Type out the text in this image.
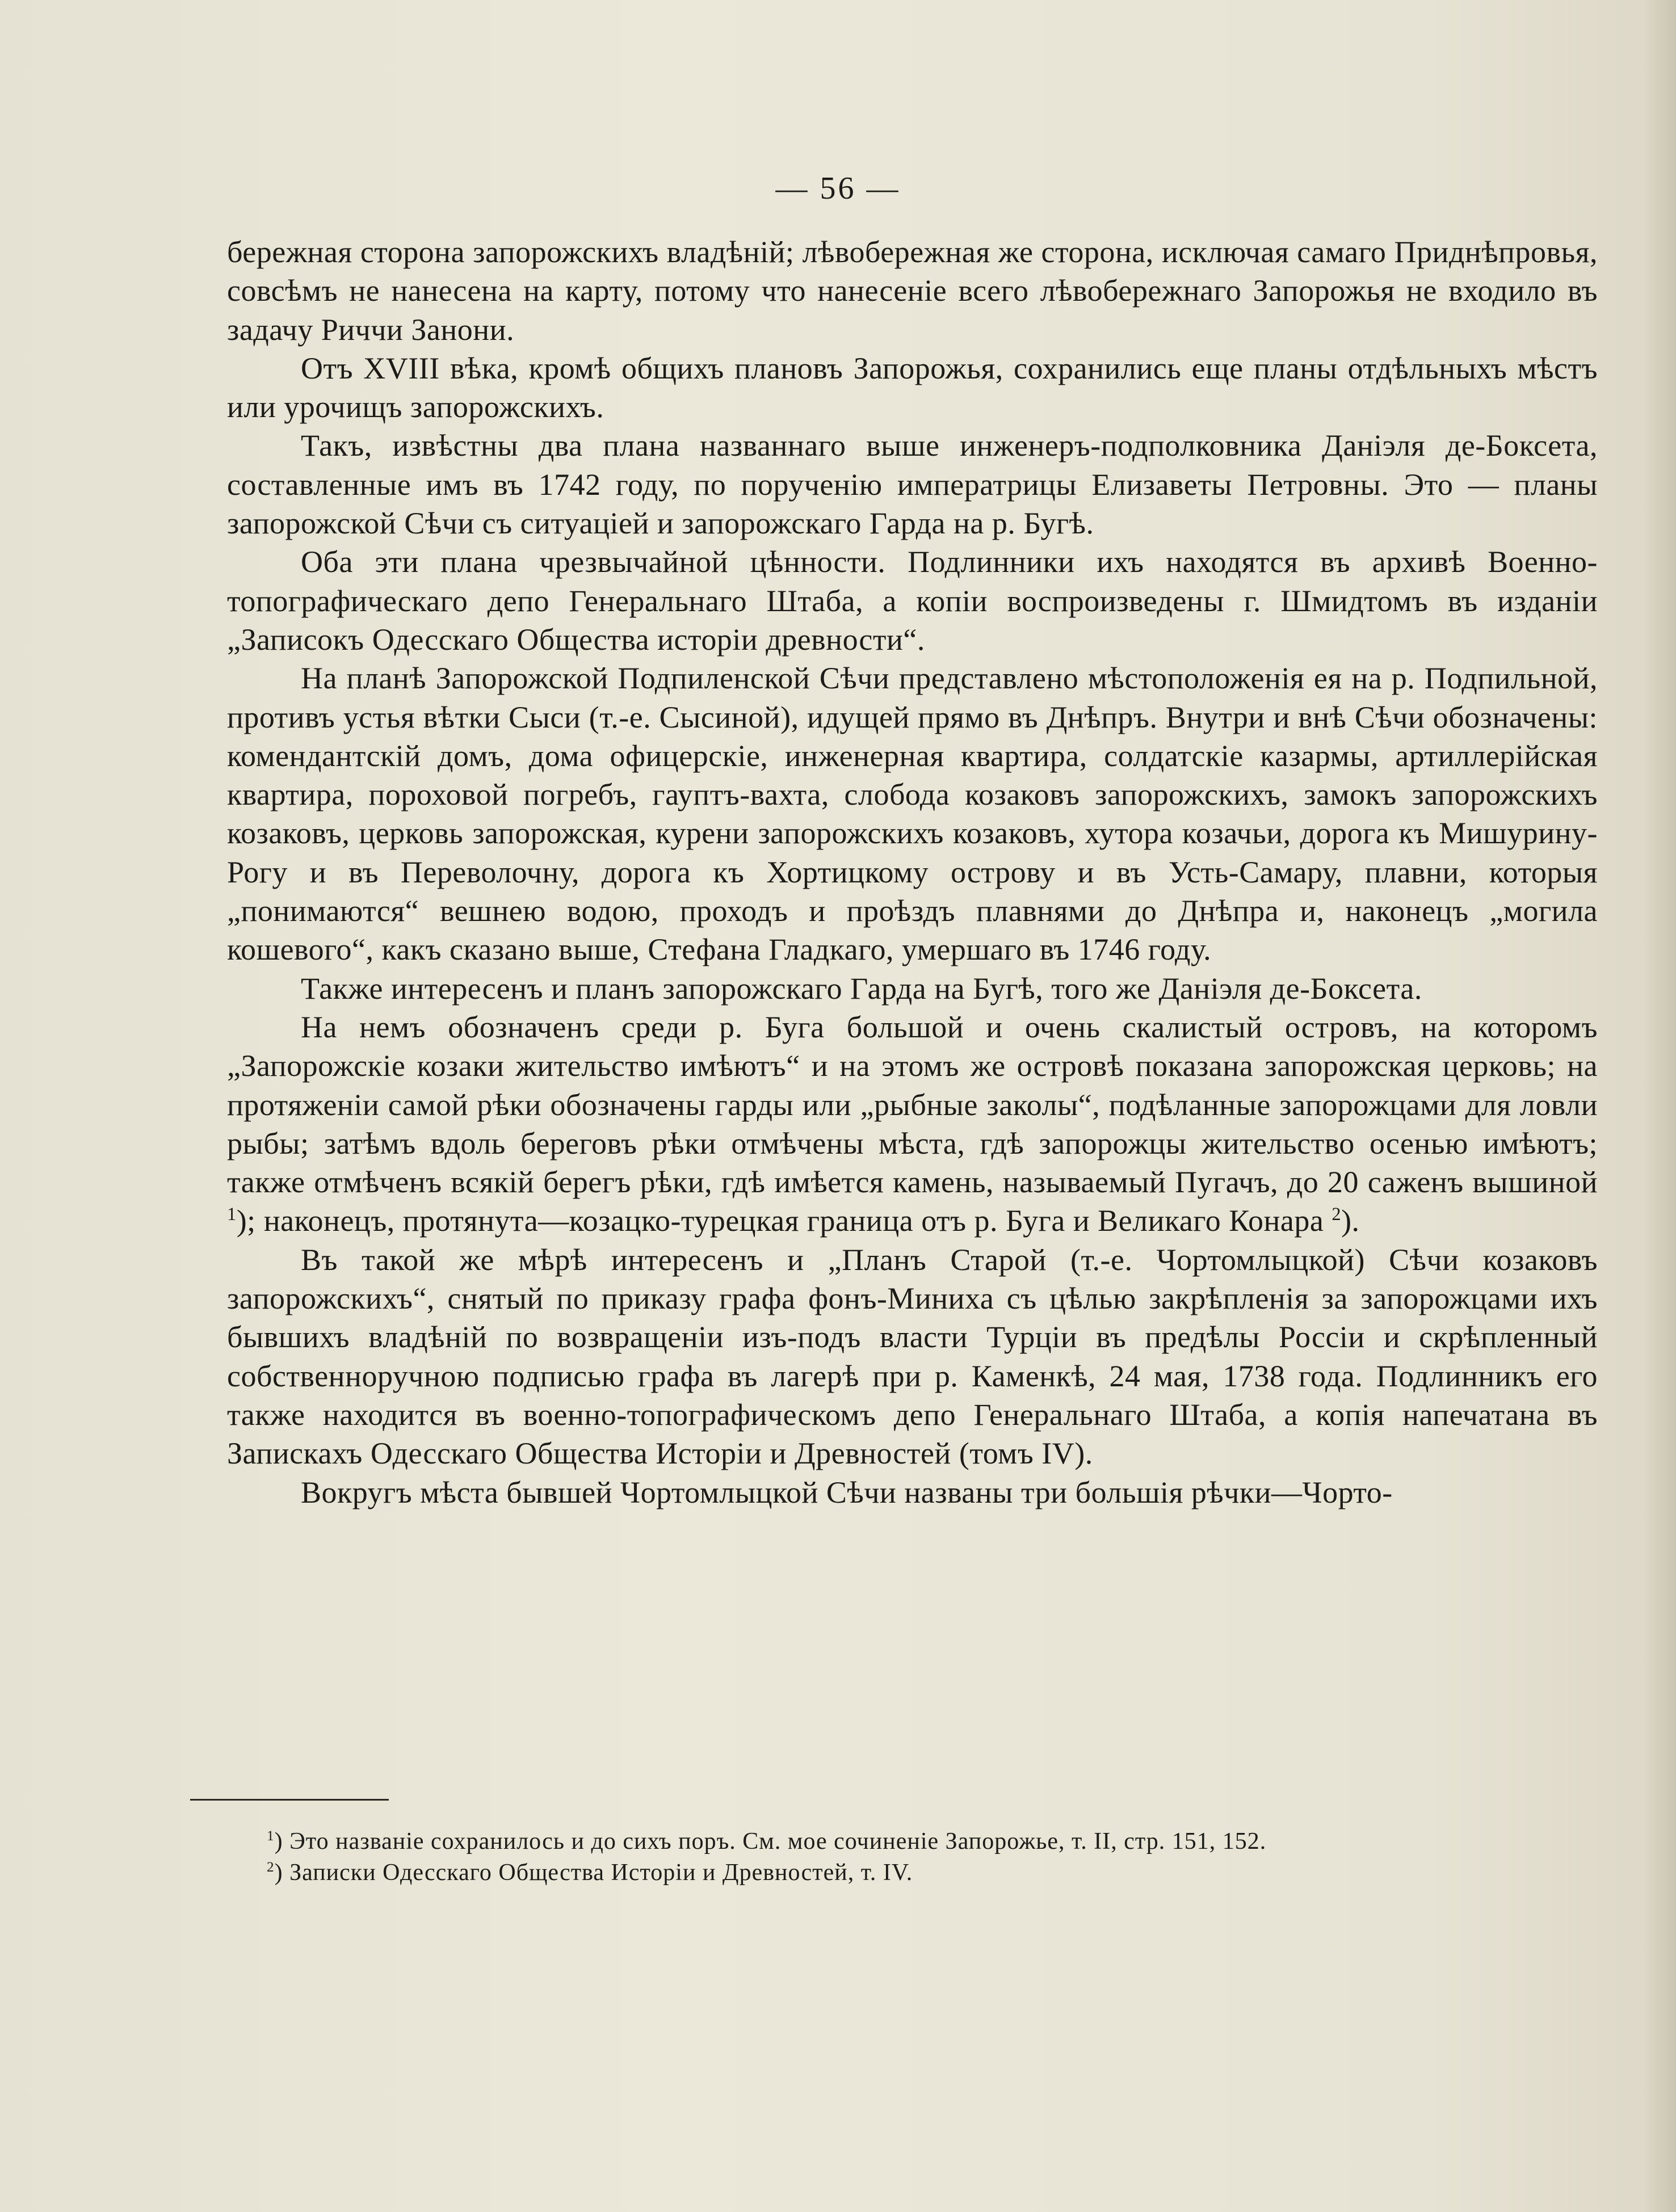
— 56 —

бережная сторона запорожскихъ владѣнiй; лѣвобережная же сторона, исключая самаго Приднѣпровья, совсѣмъ не нанесена на карту, потому что нанесенiе всего лѣвобережнаго Запорожья не входило въ задачу Риччи Занони.

Отъ XVIII вѣка, кромѣ общихъ плановъ Запорожья, сохранились еще планы отдѣльныхъ мѣстъ или урочищъ запорожскихъ.

Такъ, извѣстны два плана названнаго выше инженеръ-подполковника Данiэля де-Боксета, составленные имъ въ 1742 году, по порученiю императрицы Елизаветы Петровны. Это — планы запорожской Сѣчи съ ситуацiей и запорожскаго Гарда на р. Бугѣ.

Оба эти плана чрезвычайной цѣнности. Подлинники ихъ находятся въ архивѣ Военно-топографическаго депо Генеральнаго Штаба, а копiи воспроизведены г. Шмидтомъ въ изданiи „Записокъ Одесскаго Общества исторiи древности“.

На планѣ Запорожской Подпиленской Сѣчи представлено мѣстоположенiя ея на р. Подпильной, противъ устья вѣтки Сыси (т.-е. Сысиной), идущей прямо въ Днѣпръ. Внутри и внѣ Сѣчи обозначены: комендантскiй домъ, дома офицерскiе, инженерная квартира, солдатскiе казармы, артиллерiйская квартира, пороховой погребъ, гауптъ-вахта, слобода козаковъ запорожскихъ, замокъ запорожскихъ козаковъ, церковь запорожская, курени запорожскихъ козаковъ, хутора козачьи, дорога къ Мишурину-Рогу и въ Переволочну, дорога къ Хортицкому острову и въ Усть-Самару, плавни, которыя „понимаются“ вешнею водою, проходъ и проѣздъ плавнями до Днѣпра и, наконецъ „могила кошевого“, какъ сказано выше, Стефана Гладкаго, умершаго въ 1746 году.

Также интересенъ и планъ запорожскаго Гарда на Бугѣ, того же Данiэля де-Боксета.

На немъ обозначенъ среди р. Буга большой и очень скалистый островъ, на которомъ „Запорожскiе козаки жительство имѣютъ“ и на этомъ же островѣ показана запорожская церковь; на протяженiи самой рѣки обозначены гарды или „рыбные заколы“, подѣланные запорожцами для ловли рыбы; затѣмъ вдоль береговъ рѣки отмѣчены мѣста, гдѣ запорожцы жительство осенью имѣютъ; также отмѣченъ всякiй берегъ рѣки, гдѣ имѣется камень, называемый Пугачъ, до 20 саженъ вышиной $^1$); наконецъ, протянута—козацко-турецкая граница отъ р. Буга и Великаго Конара $^2$).

Въ такой же мѣрѣ интересенъ и „Планъ Старой (т.-е. Чортомлыцкой) Сѣчи козаковъ запорожскихъ“, снятый по приказу графа фонъ-Миниха съ цѣлью закрѣпленiя за запорожцами ихъ бывшихъ владѣнiй по возвращенiи изъ-подъ власти Турцiи въ предѣлы Россiи и скрѣпленный собственноручною подписью графа въ лагерѣ при р. Каменкѣ, 24 мая, 1738 года. Подлинникъ его также находится въ военно-топографическомъ депо Генеральнаго Штаба, а копiя напечатана въ Запискахъ Одесскаго Общества Исторiи и Древностей (томъ IV).

Вокругъ мѣста бывшей Чортомлыцкой Сѣчи названы три большiя рѣчки—Чорто-

$^1$) Это названiе сохранилось и до сихъ поръ. См. мое сочиненiе Запорожье, т. II, стр. 151, 152.

$^2$) Записки Одесскаго Общества Исторiи и Древностей, т. IV.
